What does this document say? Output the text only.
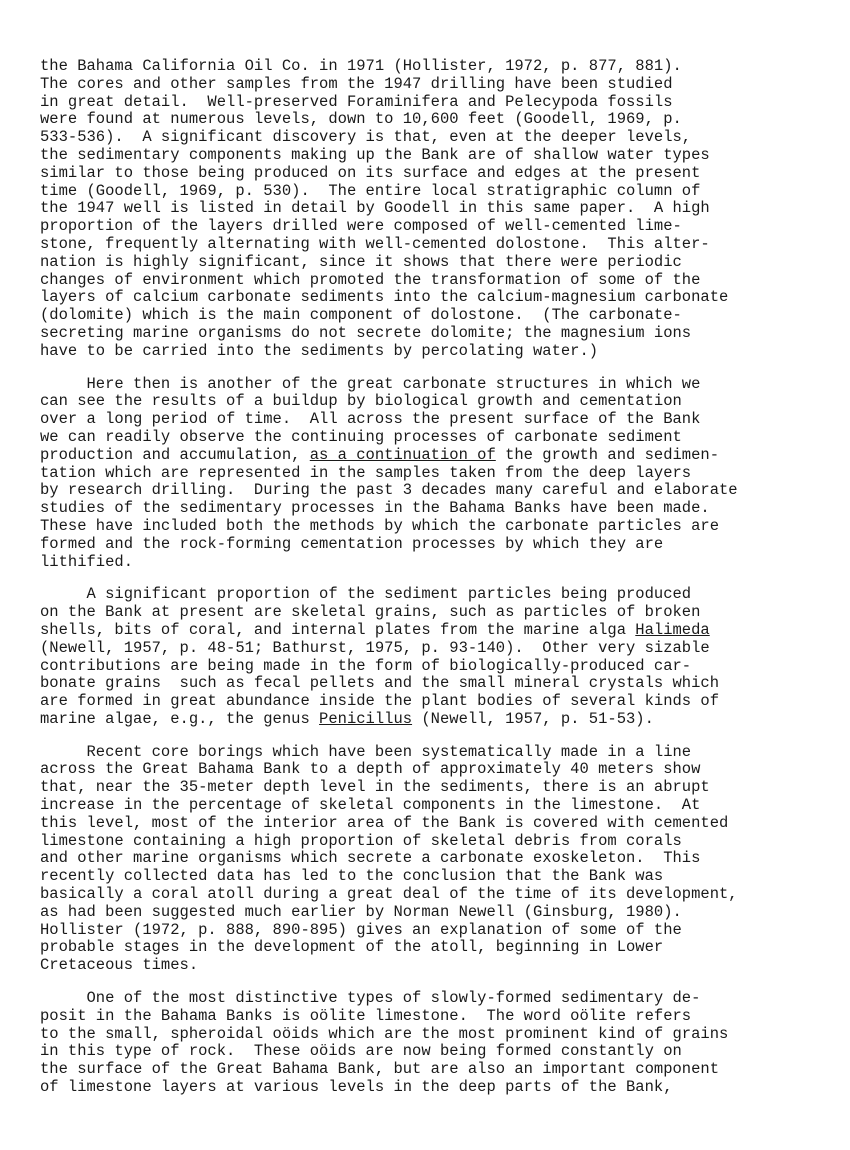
the Bahama California Oil Co. in 1971 (Hollister, 1972, p. 877, 881).
The cores and other samples from the 1947 drilling have been studied
in great detail.  Well-preserved Foraminifera and Pelecypoda fossils
were found at numerous levels, down to 10,600 feet (Goodell, 1969, p.
533-536).  A significant discovery is that, even at the deeper levels,
the sedimentary components making up the Bank are of shallow water types
similar to those being produced on its surface and edges at the present
time (Goodell, 1969, p. 530).  The entire local stratigraphic column of
the 1947 well is listed in detail by Goodell in this same paper.  A high
proportion of the layers drilled were composed of well-cemented lime-
stone, frequently alternating with well-cemented dolostone.  This alter-
nation is highly significant, since it shows that there were periodic
changes of environment which promoted the transformation of some of the
layers of calcium carbonate sediments into the calcium-magnesium carbonate
(dolomite) which is the main component of dolostone.  (The carbonate-
secreting marine organisms do not secrete dolomite; the magnesium ions
have to be carried into the sediments by percolating water.)
Here then is another of the great carbonate structures in which we
can see the results of a buildup by biological growth and cementation
over a long period of time.  All across the present surface of the Bank
we can readily observe the continuing processes of carbonate sediment
production and accumulation, as a continuation of the growth and sedimen-
tation which are represented in the samples taken from the deep layers
by research drilling.  During the past 3 decades many careful and elaborate
studies of the sedimentary processes in the Bahama Banks have been made.
These have included both the methods by which the carbonate particles are
formed and the rock-forming cementation processes by which they are
lithified.
A significant proportion of the sediment particles being produced
on the Bank at present are skeletal grains, such as particles of broken
shells, bits of coral, and internal plates from the marine alga Halimeda
(Newell, 1957, p. 48-51; Bathurst, 1975, p. 93-140).  Other very sizable
contributions are being made in the form of biologically-produced car-
bonate grains  such as fecal pellets and the small mineral crystals which
are formed in great abundance inside the plant bodies of several kinds of
marine algae, e.g., the genus Penicillus (Newell, 1957, p. 51-53).
Recent core borings which have been systematically made in a line
across the Great Bahama Bank to a depth of approximately 40 meters show
that, near the 35-meter depth level in the sediments, there is an abrupt
increase in the percentage of skeletal components in the limestone.  At
this level, most of the interior area of the Bank is covered with cemented
limestone containing a high proportion of skeletal debris from corals
and other marine organisms which secrete a carbonate exoskeleton.  This
recently collected data has led to the conclusion that the Bank was
basically a coral atoll during a great deal of the time of its development,
as had been suggested much earlier by Norman Newell (Ginsburg, 1980).
Hollister (1972, p. 888, 890-895) gives an explanation of some of the
probable stages in the development of the atoll, beginning in Lower
Cretaceous times.
One of the most distinctive types of slowly-formed sedimentary de-
posit in the Bahama Banks is oölite limestone.  The word oölite refers
to the small, spheroidal oöids which are the most prominent kind of grains
in this type of rock.  These oöids are now being formed constantly on
the surface of the Great Bahama Bank, but are also an important component
of limestone layers at various levels in the deep parts of the Bank,
